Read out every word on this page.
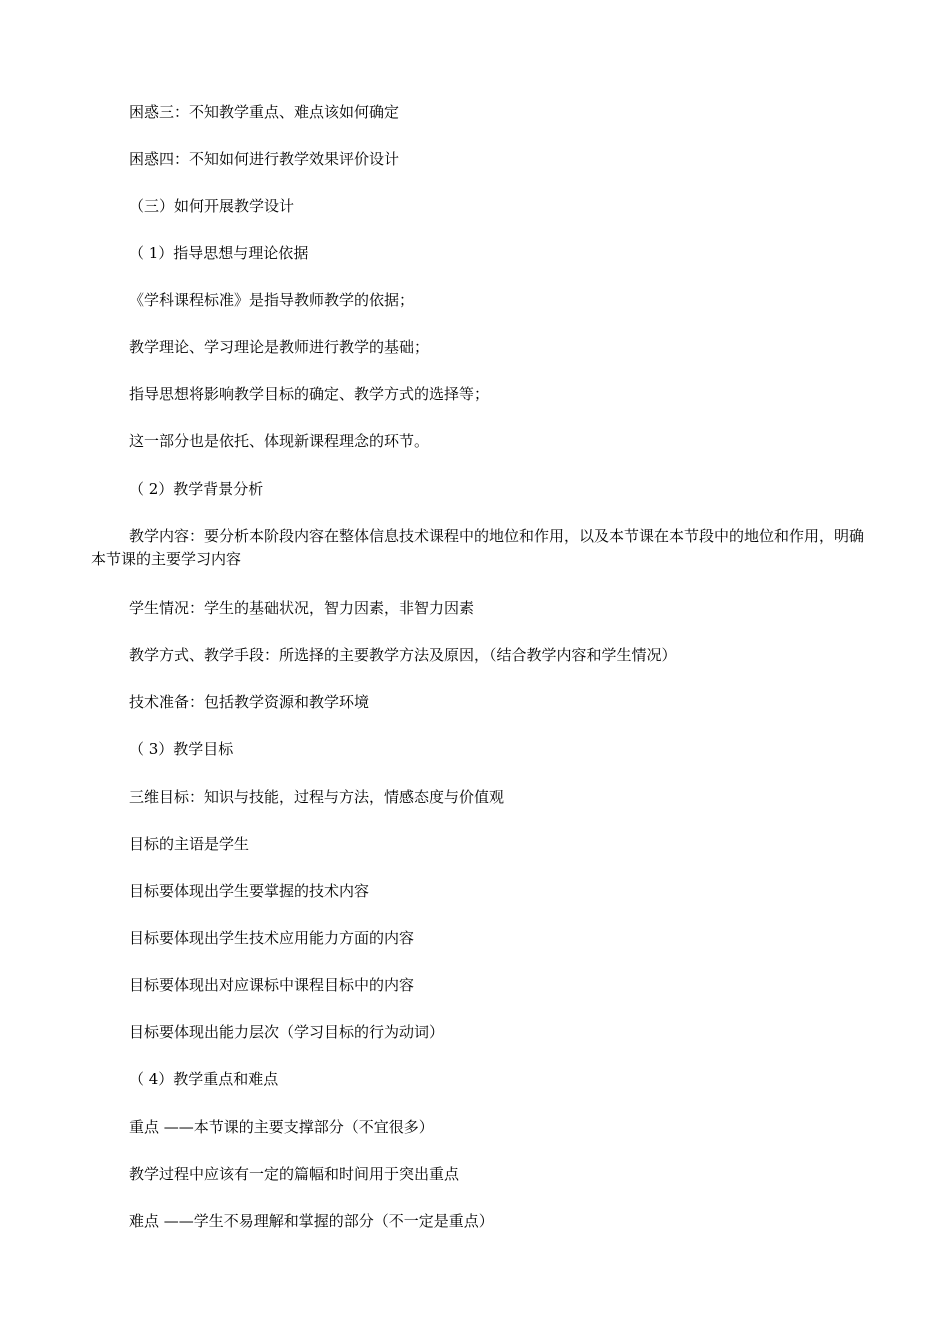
困惑三：不知教学重点、难点该如何确定

困惑四：不知如何进行教学效果评价设计

（三）如何开展教学设计

（ 1）指导思想与理论依据

《学科课程标准》是指导教师教学的依据；

教学理论、学习理论是教师进行教学的基础；

指导思想将影响教学目标的确定、教学方式的选择等；

这一部分也是依托、体现新课程理念的环节。

（ 2）教学背景分析

教学内容：要分析本阶段内容在整体信息技术课程中的地位和作用，以及本节课在本节段中的地位和作用，明确本节课的主要学习内容

学生情况：学生的基础状况，智力因素，非智力因素

教学方式、教学手段：所选择的主要教学方法及原因，（结合教学内容和学生情况）

技术准备：包括教学资源和教学环境

（ 3）教学目标

三维目标：知识与技能，过程与方法，情感态度与价值观

目标的主语是学生

目标要体现出学生要掌握的技术内容

目标要体现出学生技术应用能力方面的内容

目标要体现出对应课标中课程目标中的内容

目标要体现出能力层次（学习目标的行为动词）

（ 4）教学重点和难点

重点 ——本节课的主要支撑部分（不宜很多）

教学过程中应该有一定的篇幅和时间用于突出重点

难点 ——学生不易理解和掌握的部分（不一定是重点）
